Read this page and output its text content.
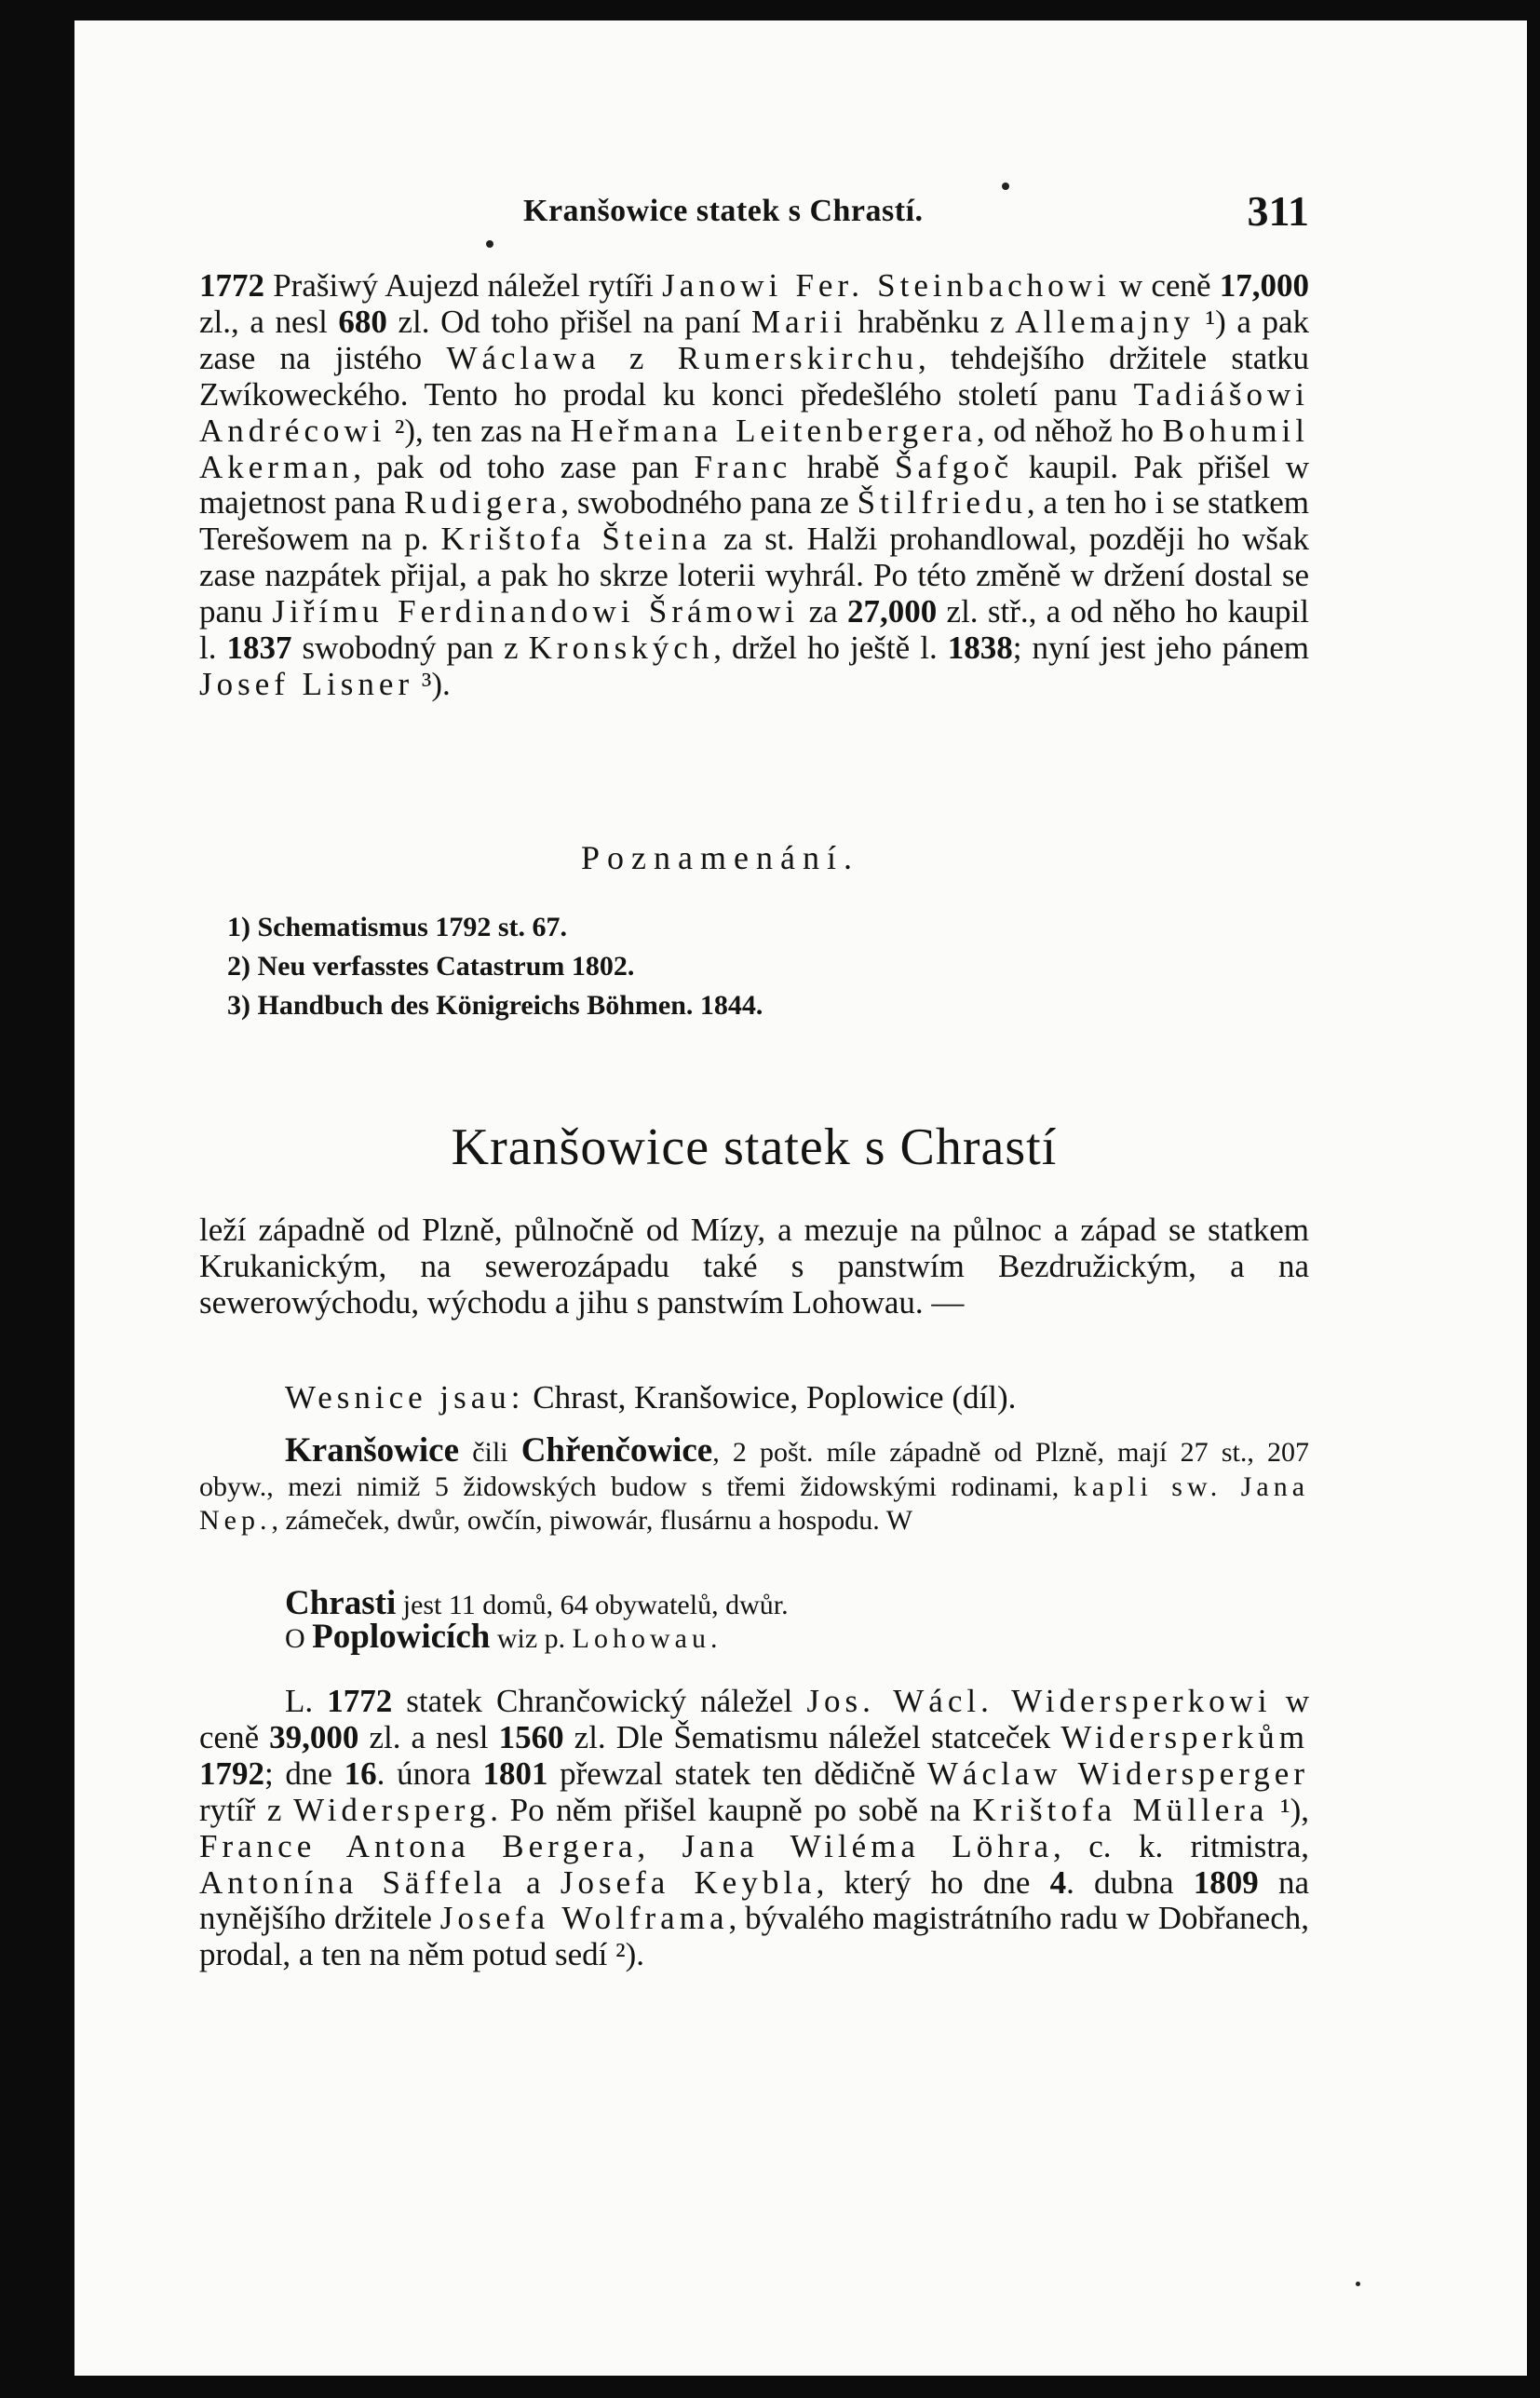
Kranšowice statek s Chrastí.	311

1772 Prašiwý Aujezd náležel rytíři Janowi Fer. Steinbachowi w ceně 17,000 zl., a nesl 680 zl. Od toho přišel na paní Marii hraběnku z Allemajny ¹) a pak zase na jistého Wáclawa z Rumerskirchu, tehdejšího držitele statku Zwíkoweckého. Tento ho prodal ku konci předešlého století panu Tadiášowi Andrécowi ²), ten zas na Heřmana Leitenbergera, od něhož ho Bohumil Akerman, pak od toho zase pan Franc hrabě Šafgoč kaupil. Pak přišel w majetnost pana Rudigera, swobodného pana ze Štilfriedu, a ten ho i se statkem Terešowem na p. Krištofa Šteina za st. Halži prohandlowal, později ho wšak zase nazpátek přijal, a pak ho skrze loterii wyhrál. Po této změně w držení dostal se panu Jiřímu Ferdinandowi Šrámowi za 27,000 zl. stř., a od něho ho kaupil l. 1837 swobodný pan z Kronských, držel ho ještě l. 1838; nyní jest jeho pánem Josef Lisner ³).

Poznamenání.
1) Schematismus 1792 st. 67.
2) Neu verfasstes Catastrum 1802.
3) Handbuch des Königreichs Böhmen. 1844.
Kranšowice statek s Chrastí

leží západně od Plzně, půlnočně od Mízy, a mezuje na půlnoc a západ se statkem Krukanickým, na sewerozápadu také s panstwím Bezdružickým, a na sewerowýchodu, wýchodu a jihu s panstwím Lohowau. —

Wesnice jsau: Chrast, Kranšowice, Poplowice (díl).

Kranšowice čili Chřenčowice, 2 pošt. míle západně od Plzně, mají 27 st., 207 obyw., mezi nimiž 5 židowských budow s třemi židowskými rodinami, kapli sw. Jana Nep., zámeček, dwůr, owčín, piwowár, flusárnu a hospodu. W

Chrasti jest 11 domů, 64 obywatelů, dwůr.

O Poplowicích wiz p. Lohowau.

L. 1772 statek Chrančowický náležel Jos. Wácl. Widersperkowi w ceně 39,000 zl. a nesl 1560 zl. Dle Šematismu náležel statceček Widersperkům 1792; dne 16. února 1801 přewzal statek ten dědičně Wáclaw Widersperger rytíř z Widersperg. Po něm přišel kaupně po sobě na Krištofa Müllera ¹), France Antona Bergera, Jana Wiléma Löhra, c. k. ritmistra, Antonína Säffela a Josefa Keybla, který ho dne 4. dubna 1809 na nynějšího držitele Josefa Wolframa, bývalého magistrátního radu w Dobřanech, prodal, a ten na něm potud sedí ²).
